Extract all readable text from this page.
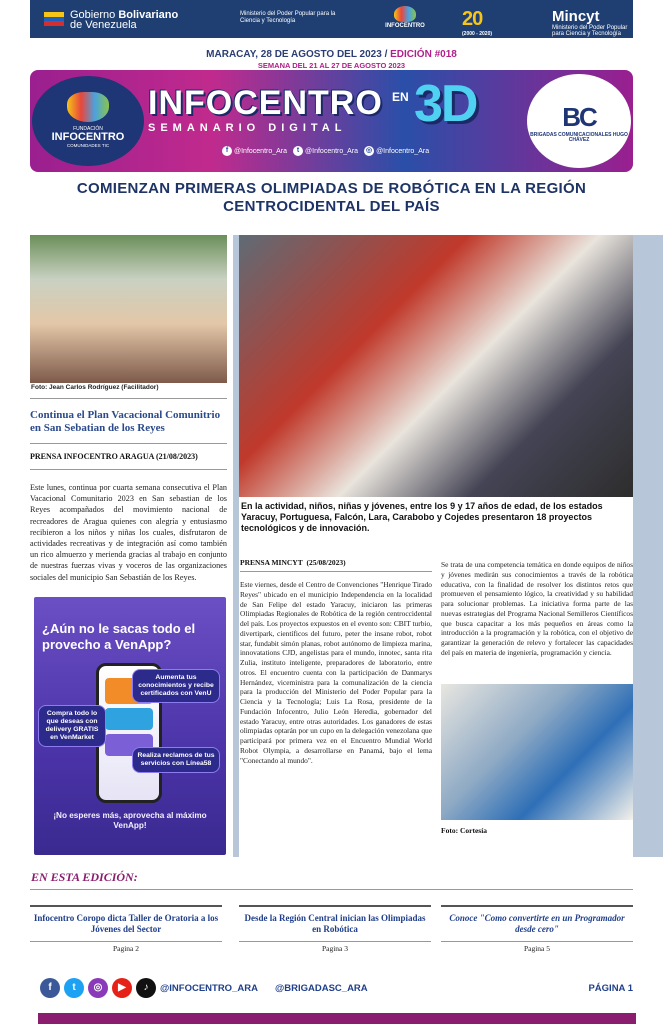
Gobierno Bolivariano
de Venezuela
Ministerio del Poder Popular para la Ciencia y Tecnología
INFOCENTRO	20
(2000 - 2020)
Mincyt
Ministerio del Poder Popular para Ciencia y Tecnología
MARACAY, 28 DE AGOSTO DEL 2023 / EDICIÓN #018
SEMANA DEL 21 AL 27 DE AGOSTO 2023
FUNDACIÓN
INFOCENTRO
COMUNIDADES TIC
INFOCENTRO EN 3D
SEMANARIO DIGITAL
f @Infocentro_Ara	t @Infocentro_Ara ◎ @Infocentro_Ara
BC
BRIGADAS COMUNICACIONALES HUGO CHÁVEZ
COMIENZAN PRIMERAS OLIMPIADAS DE ROBÓTICA EN LA REGIÓN CENTROCIDENTAL DEL PAÍS
Foto: Jean Carlos Rodríguez (Facilitador)
En la actividad, niños, niñas y jóvenes, entre los 9 y 17 años de edad, de los estados Yaracuy, Portuguesa, Falcón, Lara, Carabobo y Cojedes presentaron 18 proyectos tecnológicos y de innovación.
Continua el Plan Vacacional Comunitrio en San Sebatian de los Reyes
PRENSA INFOCENTRO ARAGUA (21/08/2023)

Este lunes, continua por cuarta semana consecutiva el Plan Vacacional Comunitario 2023 en San sebastian de los Reyes acompañados del movimiento nacional de recreadores de Aragua quienes con alegría y entusiasmo recibieron a los niños y niñas los cuales, disfrutaron de actividades recreativas y de integración así como también un rico almuerzo y merienda gracias al trabajo en conjunto de nuestras fuerzas vivas y voceros de las organizaciones sociales del municipio San Sebastián de los Reyes.

¿Aún no le sacas todo el provecho a VenApp?
Aumenta tus conocimientos y recibe certificados con VenU
Compra todo lo que deseas con delivery GRATIS en VenMarket
Realiza reclamos de tus servicios con Línea58
¡No esperes más, aprovecha al máximo VenApp!
PRENSA MINCYT (25/08/2023)

Este viernes, desde el Centro de Convenciones "Henrique Tirado Reyes" ubicado en el municipio Independencia en la localidad de San Felipe del estado Yaracuy, iniciaron las primeras Olimpiadas Regionales de Robótica de la región centroccidental del país. Los proyectos expuestos en el evento son: CBIT turbio, divertipark, científicos del futuro, peter the insane robot, robot star, fundabit simón planas, robot autónomo de limpieza marina, innovatations CJD, angelistas para el mundo, innotec, santa rita Zulia, instituto inteligente, preparadores de laboratorio, entre otros. El encuentro cuenta con la participación de Danmarys Hernández, viceministra para la comunalización de la ciencia para la producción del Ministerio del Poder Popular para la Ciencia y la Tecnología; Luis La Rosa, presidente de la Fundación Infocentro, Julio León Heredia, gobernador del estado Yaracuy, entre otras autoridades. Los ganadores de estas olimpiadas optarán por un cupo en la delegación venezolana que participará por primera vez en el Encuentro Mundial World Robot Olympia, a desarrollarse en Panamá, bajo el lema "Conectando al mundo".

Se trata de una competencia temática en donde equipos de niños y jóvenes medirán sus conocimientos a través de la robótica educativa, con la finalidad de resolver los distintos retos que promueven el pensamiento lógico, la creatividad y su habilidad para solucionar problemas. La iniciativa forma parte de las nuevas estrategias del Programa Nacional Semilleros Científicos que busca capacitar a los más pequeños en áreas como la introducción a la programación y la robótica, con el objetivo de garantizar la generación de relevo y fortalecer las capacidades del país en materia de ingeniería, programación y ciencia.

Foto: Cortesía
EN ESTA EDICIÓN:
Infocentro Coropo dicta Taller de Oratoria a los Jóvenes del Sector
Pagina 2
Desde la Región Central inician las Olimpiadas en Robótica
Pagina 3
Conoce "Como convertirte en un Programador desde cero"
Pagina 5
f	t	◎	▶	♪	@INFOCENTRO_ARA @BRIGADASC_ARA	PÁGINA 1
